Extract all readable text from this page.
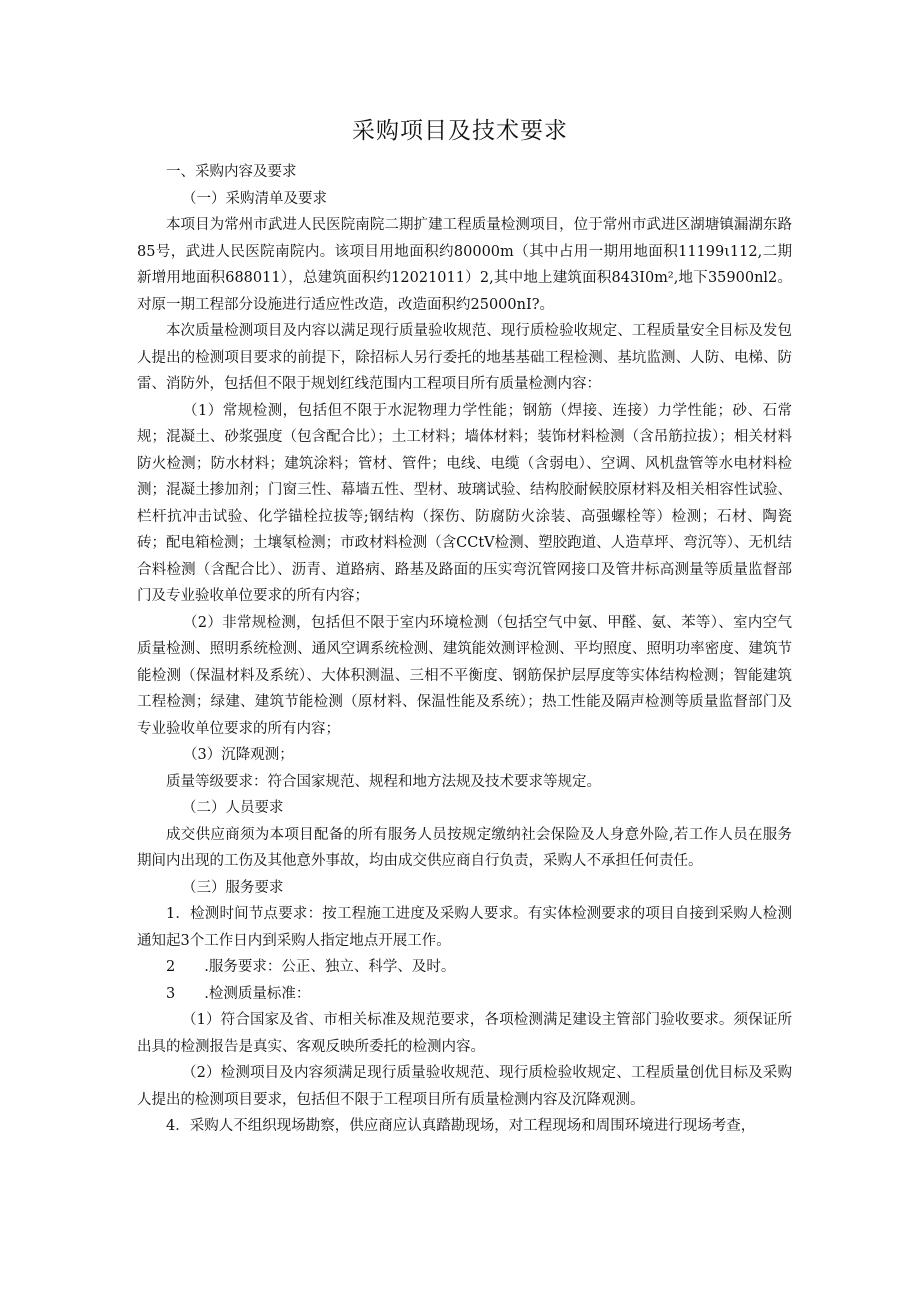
采购项目及技术要求

一、采购内容及要求

（一）采购清单及要求

本项目为常州市武进人民医院南院二期扩建工程质量检测项目，位于常州市武进区湖塘镇漏湖东路85号，武进人民医院南院内。该项目用地面积约80000m（其中占用一期用地面积11199ι112,二期新增用地面积688011），总建筑面积约12021011）2,其中地上建筑面积843I0m²,地下35900nl2。对原一期工程部分设施进行适应性改造，改造面积约25000nI?。

本次质量检测项目及内容以满足现行质量验收规范、现行质检验收规定、工程质量安全目标及发包人提出的检测项目要求的前提下，除招标人另行委托的地基基础工程检测、基坑监测、人防、电梯、防雷、消防外，包括但不限于规划红线范围内工程项目所有质量检测内容：

（1）常规检测，包括但不限于水泥物理力学性能；钢筋（焊接、连接）力学性能；砂、石常规；混凝土、砂浆强度（包含配合比）；土工材料；墙体材料；装饰材料检测（含吊筋拉拔）；相关材料防火检测；防水材料；建筑涂料；管材、管件；电线、电缆（含弱电）、空调、风机盘管等水电材料检测；混凝土掺加剂；门窗三性、幕墙五性、型材、玻璃试验、结构胶耐候胶原材料及相关相容性试验、栏杆抗冲击试验、化学锚栓拉拔等;钢结构（探伤、防腐防火涂装、高强螺栓等）检测；石材、陶瓷砖；配电箱检测；土壤氡检测；市政材料检测（含CCtV检测、塑胶跑道、人造草坪、弯沉等）、无机结合料检测（含配合比）、沥青、道路病、路基及路面的压实弯沉管网接口及管井标高测量等质量监督部门及专业验收单位要求的所有内容；

（2）非常规检测，包括但不限于室内环境检测（包括空气中氨、甲醛、氨、苯等）、室内空气质量检测、照明系统检测、通风空调系统检测、建筑能效测评检测、平均照度、照明功率密度、建筑节能检测（保温材料及系统）、大体积测温、三相不平衡度、钢筋保护层厚度等实体结构检测；智能建筑工程检测；绿建、建筑节能检测（原材料、保温性能及系统）；热工性能及隔声检测等质量监督部门及专业验收单位要求的所有内容；

（3）沉降观测；

质量等级要求：符合国家规范、规程和地方法规及技术要求等规定。

（二）人员要求

成交供应商须为本项目配备的所有服务人员按规定缴纳社会保险及人身意外险,若工作人员在服务期间内出现的工伤及其他意外事故，均由成交供应商自行负责，采购人不承担任何责任。

（三）服务要求

1．检测时间节点要求：按工程施工进度及采购人要求。有实体检测要求的项目自接到采购人检测通知起3个工作日内到采购人指定地点开展工作。

2　　.服务要求：公正、独立、科学、及时。

3　　.检测质量标准：

（1）符合国家及省、市相关标准及规范要求，各项检测满足建设主管部门验收要求。须保证所出具的检测报告是真实、客观反映所委托的检测内容。

（2）检测项目及内容须满足现行质量验收规范、现行质检验收规定、工程质量创优目标及采购人提出的检测项目要求，包括但不限于工程项目所有质量检测内容及沉降观测。

4．采购人不组织现场勘察，供应商应认真踏勘现场，对工程现场和周围环境进行现场考查，
